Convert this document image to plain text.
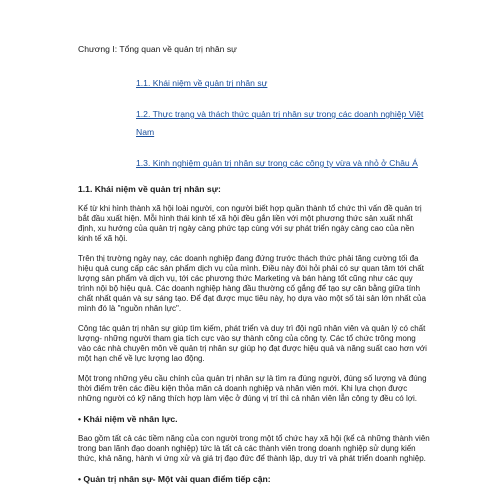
Chương I: Tổng quan về quản trị nhân sự
1.1. Khái niệm về quản trị nhân sự
1.2. Thực trạng và thách thức quản trị nhân sự trong các doanh nghiệp Việt Nam
1.3. Kinh nghiệm quản trị nhân sự trong các công ty vừa và nhỏ ở Châu Á
1.1. Khái niệm về quản trị nhân sự:

Kể từ khi hình thành xã hội loài người, con người biết hợp quần thành tổ chức thì vấn đề quản trị bắt đầu xuất hiện. Mỗi hình thái kinh tế xã hội đều gắn liền với một phương thức sản xuất nhất định, xu hướng của quản trị ngày càng phức tạp cùng với sự phát triển ngày càng cao của nền kinh tế xã hội.

Trên thị trường ngày nay, các doanh nghiệp đang đứng trước thách thức phải tăng cường tối đa hiệu quả cung cấp các sản phẩm dịch vụ của mình. Điều này đòi hỏi phải có sự quan tâm tới chất lượng sản phẩm và dịch vụ, tới các phương thức Marketing và bán hàng tốt cũng như các quy trình nội bộ hiệu quả. Các doanh nghiệp hàng đầu thường cố gắng để tạo sự cân bằng giữa tính chất nhất quán và sự sáng tạo. Để đạt được mục tiêu này, họ dựa vào một số tài sản lớn nhất của mình đó là "nguồn nhân lực".

Công tác quản trị nhân sự giúp tìm kiếm, phát triển và duy trì đội ngũ nhân viên và quản lý có chất lượng- những người tham gia tích cực vào sự thành công của công ty. Các tổ chức trông mong vào các nhà chuyên môn về quản trị nhân sự giúp họ đạt được hiệu quả và năng suất cao hơn với một hạn chế về lực lượng lao động.

Một trong những yêu cầu chính của quản trị nhân sự là tìm ra đúng người, đúng số lượng và đúng thời điểm trên các điều kiện thỏa mãn cả doanh nghiệp và nhân viên mới. Khi lựa chọn được những người có kỹ năng thích hợp làm việc ở đúng vị trí thì cả nhân viên lẫn công ty đều có lợi.

• Khái niệm về nhân lực.

Bao gồm tất cả các tiềm năng của con người trong một tổ chức hay xã hội (kể cả những thành viên trong ban lãnh đạo doanh nghiệp) tức là tất cả các thành viên trong doanh nghiệp sử dụng kiến thức, khả năng, hành vi ứng xử và giá trị đạo đức để thành lập, duy trì và phát triển doanh nghiệp.

• Quản trị nhân sự- Một vài quan điểm tiếp cận:
